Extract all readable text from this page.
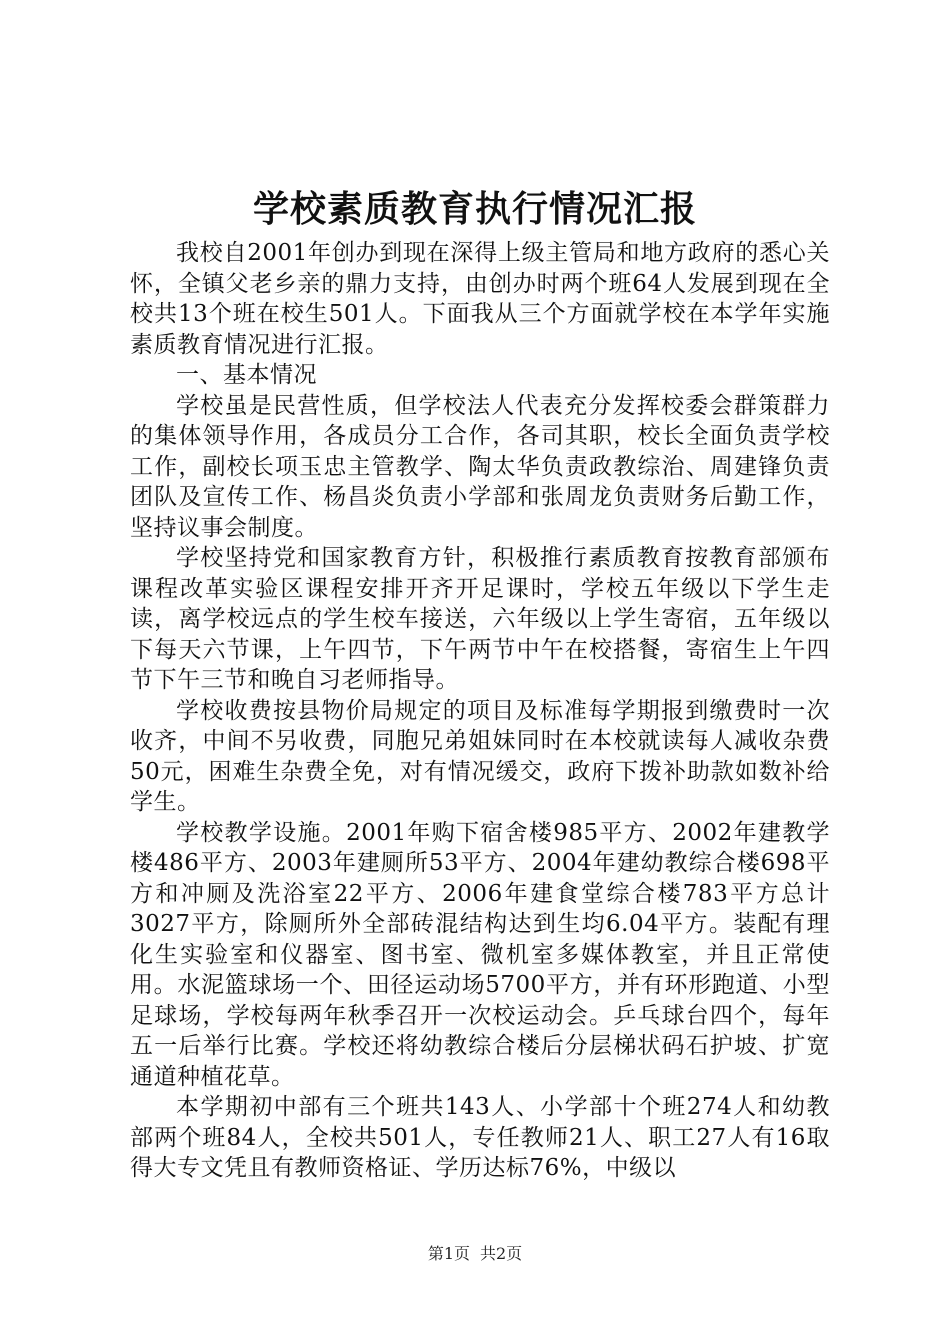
学校素质教育执行情况汇报

我校自2001年创办到现在深得上级主管局和地方政府的悉心关怀，全镇父老乡亲的鼎力支持，由创办时两个班64人发展到现在全校共13个班在校生501人。下面我从三个方面就学校在本学年实施素质教育情况进行汇报。

一、基本情况

学校虽是民营性质，但学校法人代表充分发挥校委会群策群力的集体领导作用，各成员分工合作，各司其职，校长全面负责学校工作，副校长项玉忠主管教学、陶太华负责政教综治、周建锋负责团队及宣传工作、杨昌炎负责小学部和张周龙负责财务后勤工作，坚持议事会制度。

学校坚持党和国家教育方针，积极推行素质教育按教育部颁布课程改革实验区课程安排开齐开足课时，学校五年级以下学生走读，离学校远点的学生校车接送，六年级以上学生寄宿，五年级以下每天六节课，上午四节，下午两节中午在校搭餐，寄宿生上午四节下午三节和晚自习老师指导。

学校收费按县物价局规定的项目及标准每学期报到缴费时一次收齐，中间不另收费，同胞兄弟姐妹同时在本校就读每人减收杂费50元，困难生杂费全免，对有情况缓交，政府下拨补助款如数补给学生。

学校教学设施。2001年购下宿舍楼985平方、2002年建教学楼486平方、2003年建厕所53平方、2004年建幼教综合楼698平方和冲厕及洗浴室22平方、2006年建食堂综合楼783平方总计3027平方，除厕所外全部砖混结构达到生均6.04平方。装配有理化生实验室和仪器室、图书室、微机室多媒体教室，并且正常使用。水泥篮球场一个、田径运动场5700平方，并有环形跑道、小型足球场，学校每两年秋季召开一次校运动会。乒乓球台四个，每年五一后举行比赛。学校还将幼教综合楼后分层梯状码石护坡、扩宽通道种植花草。

本学期初中部有三个班共143人、小学部十个班274人和幼教部两个班84人，全校共501人，专任教师21人、职工27人有16取得大专文凭且有教师资格证、学历达标76%，中级以

第1页 共2页
